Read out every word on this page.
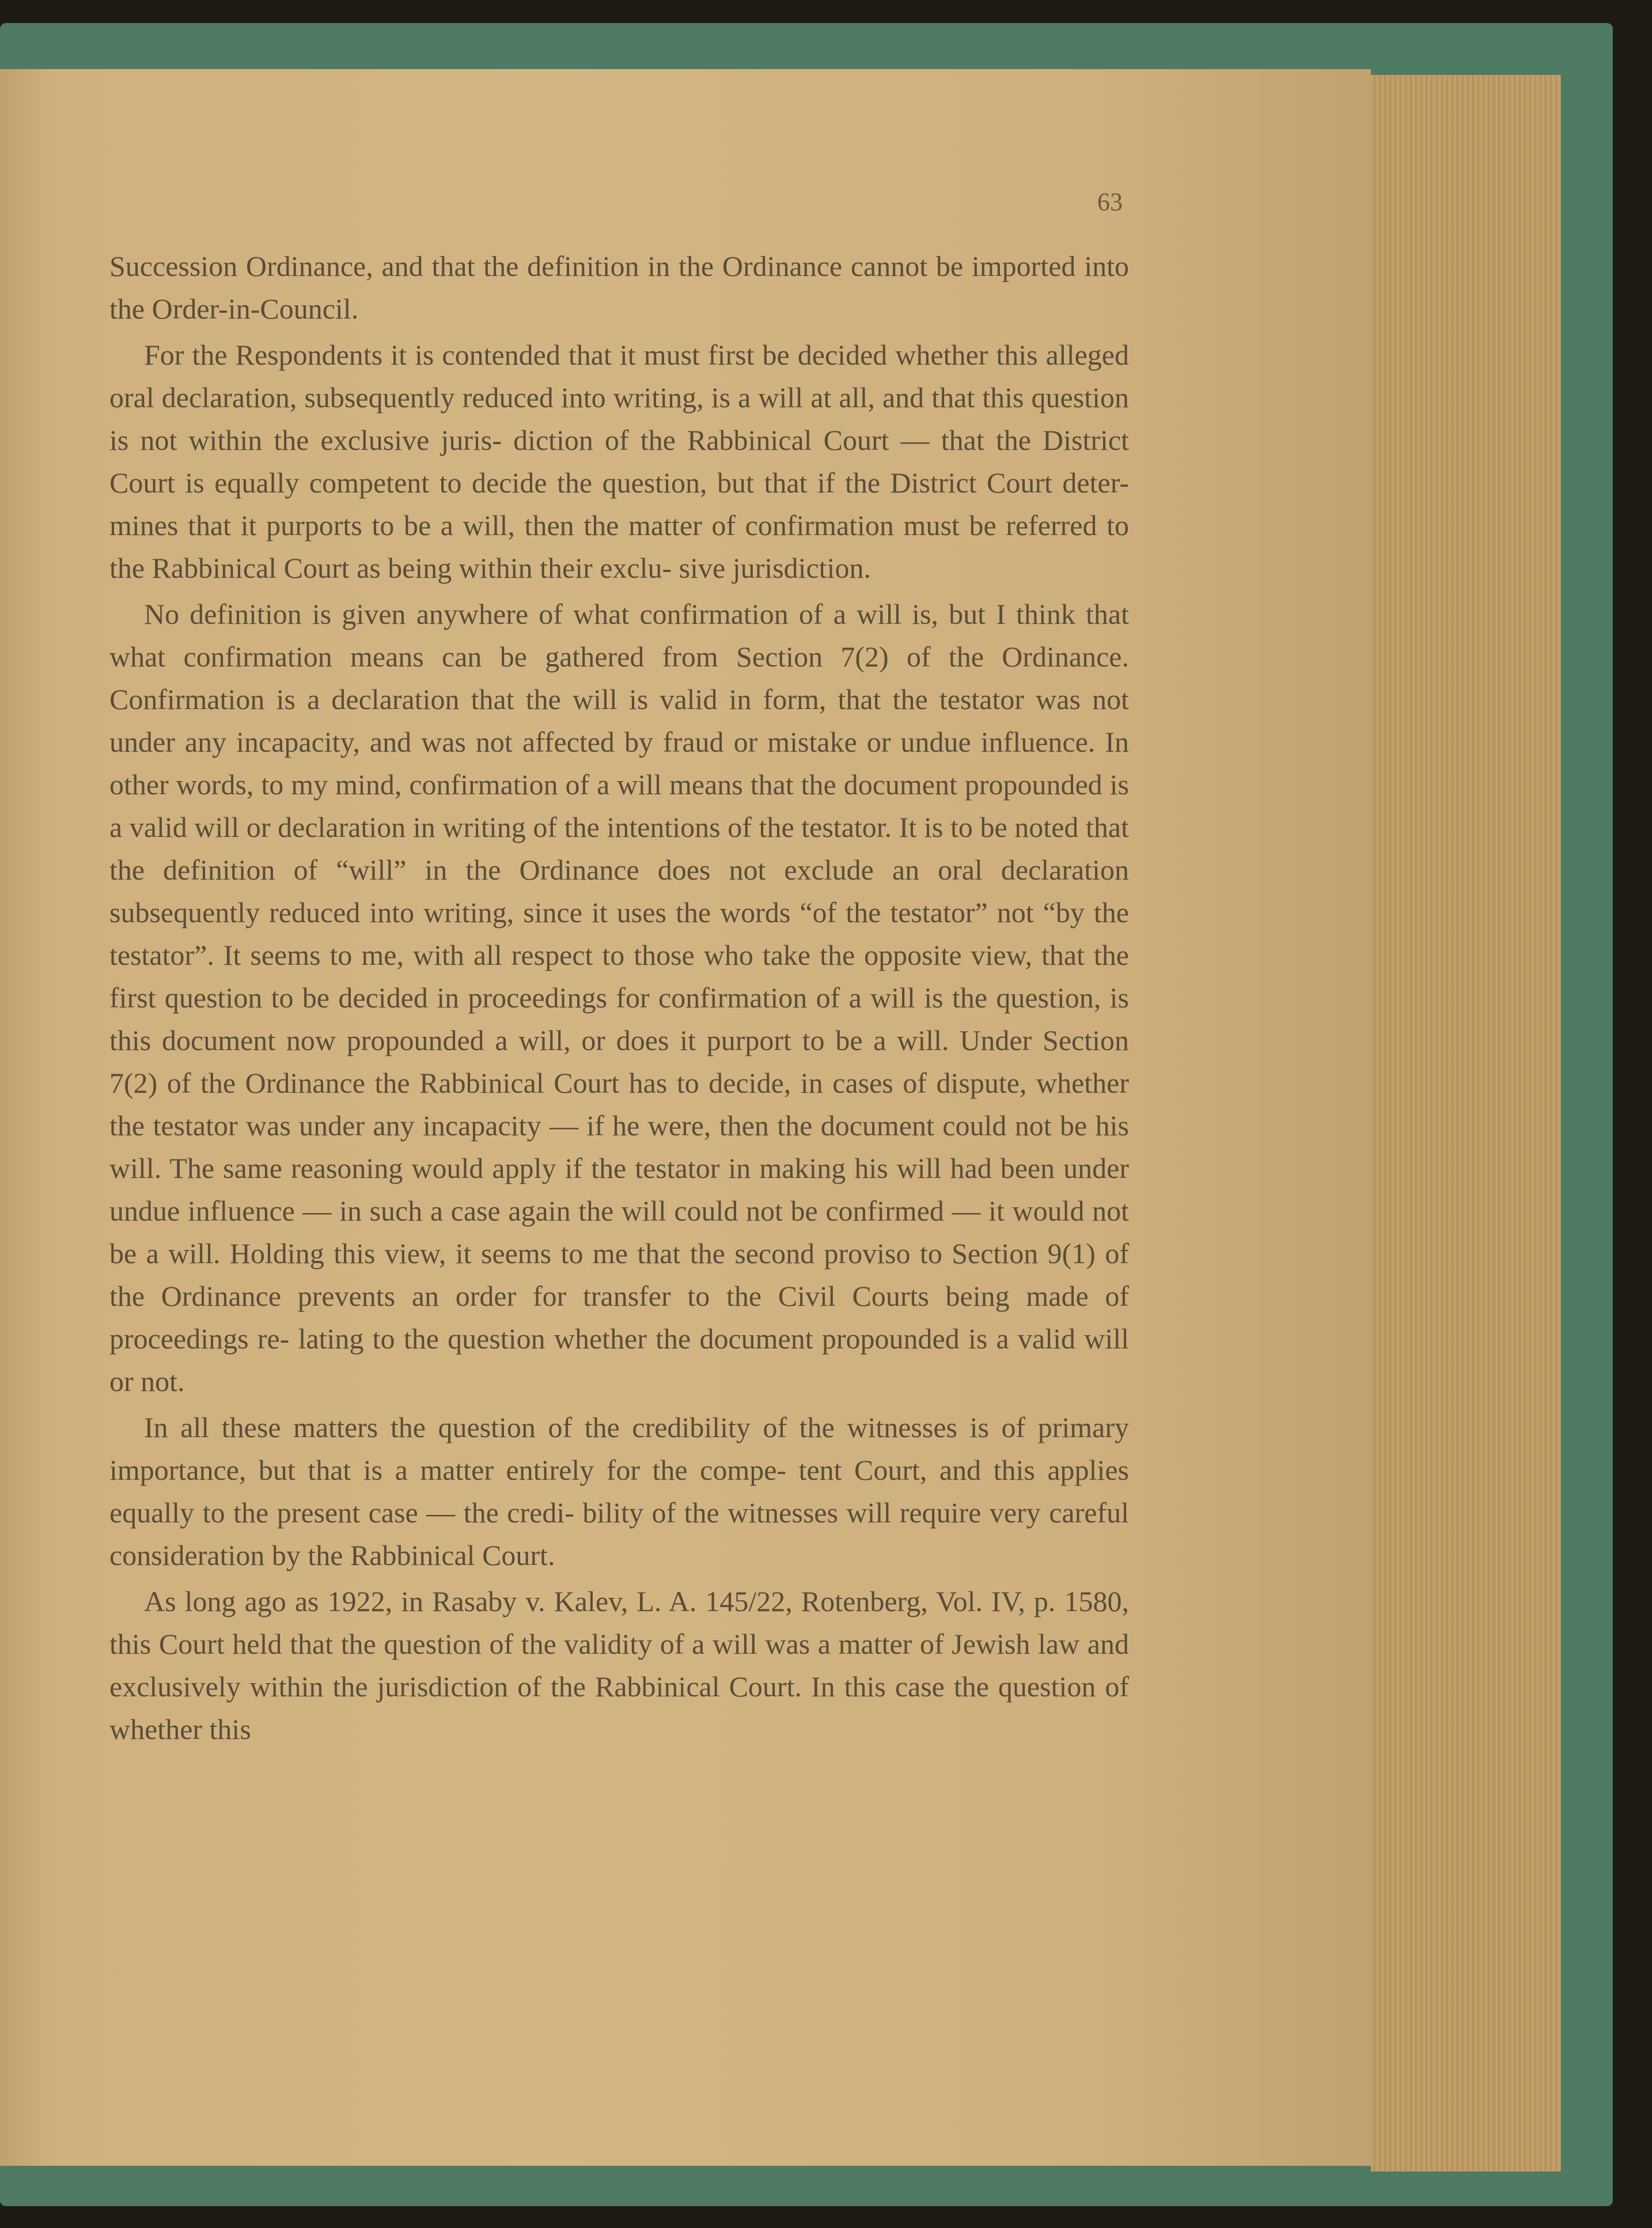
63

Succession Ordinance, and that the definition in the Ordinance cannot be imported into the Order-in-Council.

For the Respondents it is contended that it must first be decided whether this alleged oral declaration, subsequently reduced into writing, is a will at all, and that this question is not within the exclusive juris- diction of the Rabbinical Court — that the District Court is equally competent to decide the question, but that if the District Court deter- mines that it purports to be a will, then the matter of confirmation must be referred to the Rabbinical Court as being within their exclu- sive jurisdiction.

No definition is given anywhere of what confirmation of a will is, but I think that what confirmation means can be gathered from Section 7(2) of the Ordinance. Confirmation is a declaration that the will is valid in form, that the testator was not under any incapacity, and was not affected by fraud or mistake or undue influence. In other words, to my mind, confirmation of a will means that the document propounded is a valid will or declaration in writing of the intentions of the testator. It is to be noted that the definition of “will” in the Ordinance does not exclude an oral declaration subsequently reduced into writing, since it uses the words “of the testator” not “by the testator”. It seems to me, with all respect to those who take the opposite view, that the first question to be decided in proceedings for confirmation of a will is the question, is this document now propounded a will, or does it purport to be a will. Under Section 7(2) of the Ordinance the Rabbinical Court has to decide, in cases of dispute, whether the testator was under any incapacity — if he were, then the document could not be his will. The same reasoning would apply if the testator in making his will had been under undue influence — in such a case again the will could not be confirmed — it would not be a will. Holding this view, it seems to me that the second proviso to Section 9(1) of the Ordinance prevents an order for transfer to the Civil Courts being made of proceedings re- lating to the question whether the document propounded is a valid will or not.

In all these matters the question of the credibility of the witnesses is of primary importance, but that is a matter entirely for the compe- tent Court, and this applies equally to the present case — the credi- bility of the witnesses will require very careful consideration by the Rabbinical Court.

As long ago as 1922, in Rasaby v. Kalev, L. A. 145/22, Rotenberg, Vol. IV, p. 1580, this Court held that the question of the validity of a will was a matter of Jewish law and exclusively within the jurisdiction of the Rabbinical Court. In this case the question of whether this
